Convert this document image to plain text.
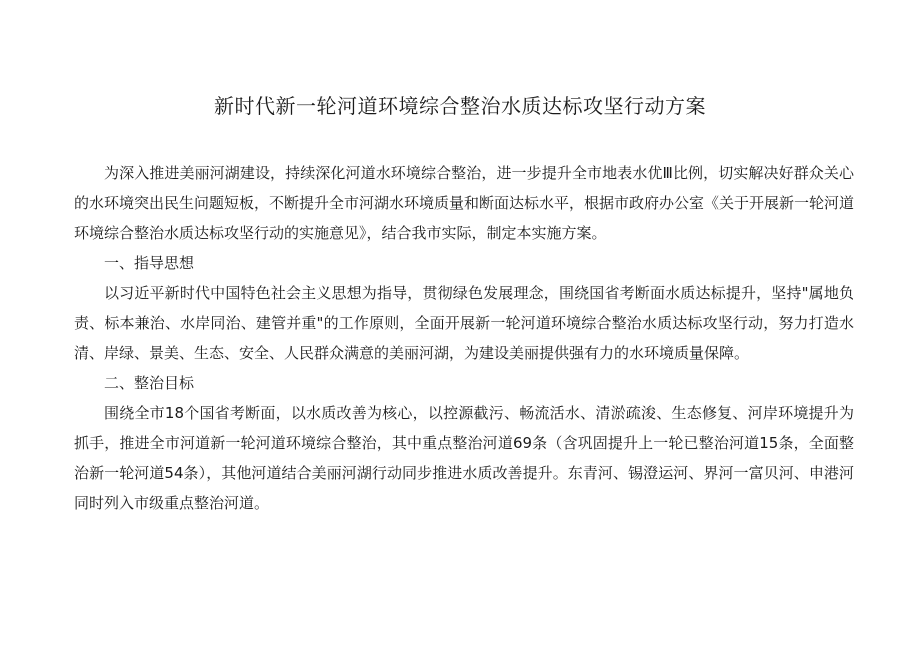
新时代新一轮河道环境综合整治水质达标攻坚行动方案

为深入推进美丽河湖建设，持续深化河道水环境综合整治，进一步提升全市地表水优Ⅲ比例，切实解决好群众关心的水环境突出民生问题短板，不断提升全市河湖水环境质量和断面达标水平，根据市政府办公室《关于开展新一轮河道环境综合整治水质达标攻坚行动的实施意见》，结合我市实际，制定本实施方案。

一、指导思想

以习近平新时代中国特色社会主义思想为指导，贯彻绿色发展理念，围绕国省考断面水质达标提升，坚持"属地负责、标本兼治、水岸同治、建管并重"的工作原则，全面开展新一轮河道环境综合整治水质达标攻坚行动，努力打造水清、岸绿、景美、生态、安全、人民群众满意的美丽河湖，为建设美丽提供强有力的水环境质量保障。

二、整治目标

围绕全市18个国省考断面，以水质改善为核心，以控源截污、畅流活水、清淤疏浚、生态修复、河岸环境提升为抓手，推进全市河道新一轮河道环境综合整治，其中重点整治河道69条（含巩固提升上一轮已整治河道15条，全面整治新一轮河道54条），其他河道结合美丽河湖行动同步推进水质改善提升。东青河、锡澄运河、界河一富贝河、申港河同时列入市级重点整治河道。
